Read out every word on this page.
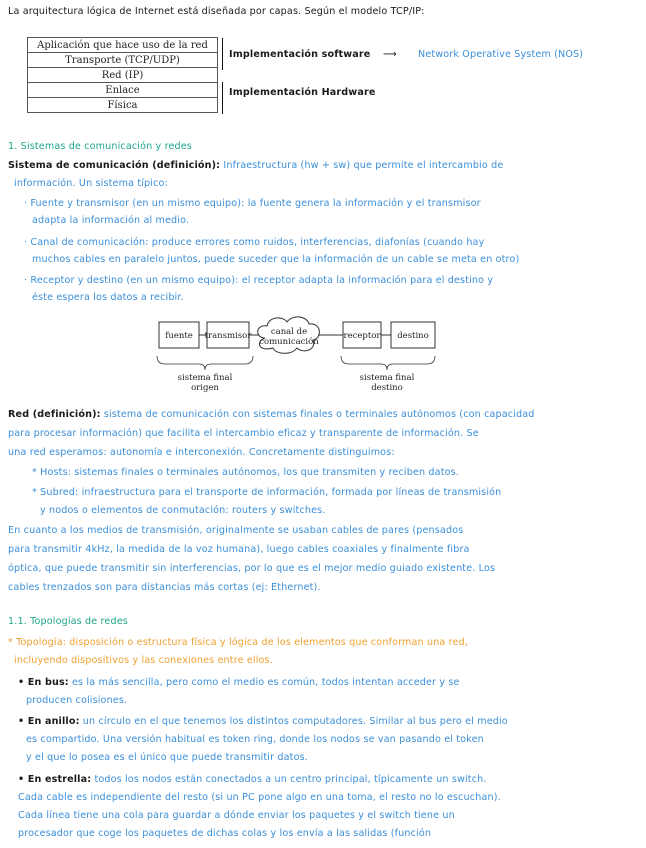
La arquitectura lógica de Internet está diseñada por capas. Según el modelo TCP/IP:
Aplicación que hace uso de la red
Transporte (TCP/UDP)
Red (IP)
Enlace
Física
Implementación software ⟶ Network Operative System (NOS)
Implementación Hardware
1. Sistemas de comunicación y redes
Sistema de comunicación (definición): Infraestructura (hw + sw) que permite el intercambio de
información. Un sistema típico:
· Fuente y transmisor (en un mismo equipo): la fuente genera la información y el transmisor
adapta la información al medio.
· Canal de comunicación: produce errores como ruidos, interferencias, diafonías (cuando hay
muchos cables en paralelo juntos, puede suceder que la información de un cable se meta en otro)
· Receptor y destino (en un mismo equipo): el receptor adapta la información para el destino y
éste espera los datos a recibir.
fuente transmisor canal de
comunicación
receptor destino
sistema final
origen
sistema final
destino
Red (definición): sistema de comunicación con sistemas finales o terminales autónomos (con capacidad
para procesar información) que facilita el intercambio eficaz y transparente de información. Se
una red esperamos: autonomía e interconexión. Concretamente distinguimos:
* Hosts: sistemas finales o terminales autónomos, los que transmiten y reciben datos.
* Subred: infraestructura para el transporte de información, formada por líneas de transmisión
y nodos o elementos de conmutación: routers y switches.
En cuanto a los medios de transmisión, originalmente se usaban cables de pares (pensados
para transmitir 4kHz, la medida de la voz humana), luego cables coaxiales y finalmente fibra
óptica, que puede transmitir sin interferencias, por lo que es el mejor medio guiado existente. Los
cables trenzados son para distancias más cortas (ej: Ethernet).
1.1. Topologías de redes
* Topología: disposición o estructura física y lógica de los elementos que conforman una red,
incluyendo dispositivos y las conexiones entre ellos.
• En bus: es la más sencilla, pero como el medio es común, todos intentan acceder y se
producen colisiones.
• En anillo: un círculo en el que tenemos los distintos computadores. Similar al bus pero el medio
es compartido. Una versión habitual es token ring, donde los nodos se van pasando el token
y el que lo posea es el único que puede transmitir datos.
• En estrella: todos los nodos están conectados a un centro principal, típicamente un switch.
Cada cable es independiente del resto (si un PC pone algo en una toma, el resto no lo escuchan).
Cada línea tiene una cola para guardar a dónde enviar los paquetes y el switch tiene un
procesador que coge los paquetes de dichas colas y los envía a las salidas (función
